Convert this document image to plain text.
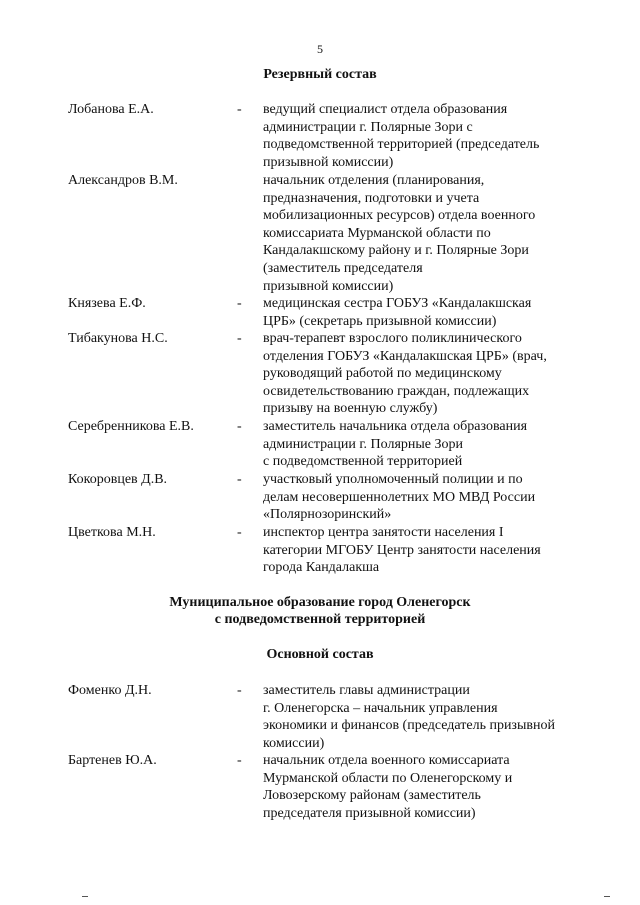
5
Резервный состав
Лобанова Е.А.	- ведущий специалист отдела образования
администрации г. Полярные Зори с
подведомственной территорией (председатель
призывной комиссии)
Александров В.М.	начальник отделения (планирования,
предназначения, подготовки и учета
мобилизационных ресурсов) отдела военного
комиссариата Мурманской области по
Кандалакшскому району и г. Полярные Зори
(заместитель председателя
призывной комиссии)
Князева Е.Ф.	- медицинская сестра ГОБУЗ «Кандалакшская
ЦРБ» (секретарь призывной комиссии)
Тибакунова Н.С.	- врач-терапевт взрослого поликлинического
отделения ГОБУЗ «Кандалакшская ЦРБ» (врач,
руководящий работой по медицинскому
освидетельствованию граждан, подлежащих
призыву на военную службу)
Серебренникова Е.В.	- заместитель начальника отдела образования
администрации г. Полярные Зори
с подведомственной территорией
Кокоровцев Д.В.	- участковый уполномоченный полиции и по
делам несовершеннолетних МО МВД России
«Полярнозоринский»
Цветкова М.Н.	- инспектор центра занятости населения I
категории МГОБУ Центр занятости населения
города Кандалакша
Муниципальное образование город Оленегорск
с подведомственной территорией
Основной состав
Фоменко Д.Н.	- заместитель главы администрации
г. Оленегорска – начальник управления
экономики и финансов (председатель призывной
комиссии)
Бартенев Ю.А.	- начальник отдела военного комиссариата
Мурманской области по Оленегорскому и
Ловозерскому районам (заместитель
председателя призывной комиссии)
